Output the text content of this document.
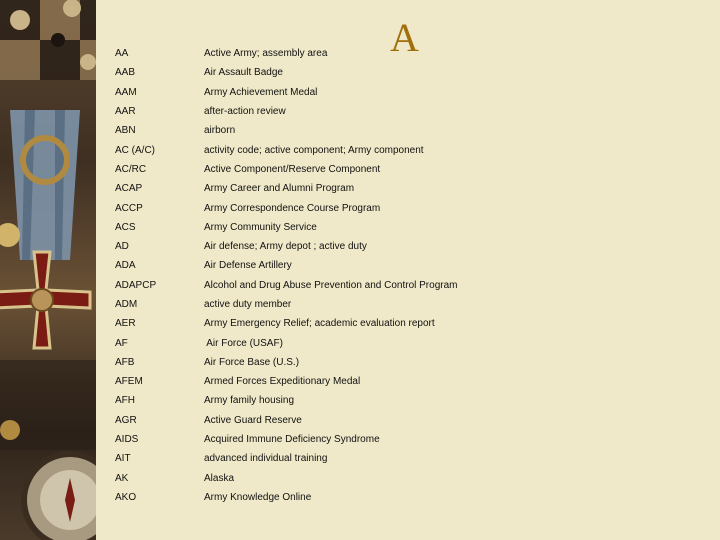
A
AA	Active Army; assembly area
AAB	Air Assault Badge
AAM	Army Achievement Medal
AAR	after-action review
ABN	airborn
AC (A/C)	activity code; active component; Army component
AC/RC	Active Component/Reserve Component
ACAP	Army Career and Alumni Program
ACCP	Army Correspondence Course Program
ACS	Army Community Service
AD	Air defense; Army depot ; active duty
ADA	Air Defense Artillery
ADAPCP	Alcohol and Drug Abuse Prevention and Control Program
ADM	active duty member
AER	Army Emergency Relief; academic evaluation report
AF	Air Force (USAF)
AFB	Air Force Base (U.S.)
AFEM	Armed Forces Expeditionary Medal
AFH	Army family housing
AGR	Active Guard Reserve
AIDS	Acquired Immune Deficiency Syndrome
AIT	advanced individual training
AK	Alaska
AKO	Army Knowledge Online
